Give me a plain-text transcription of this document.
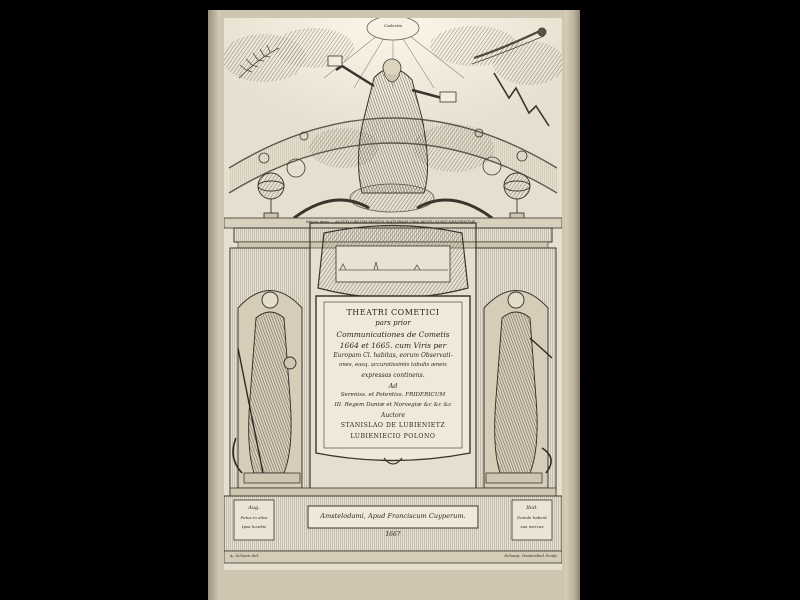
Cœlestia
Majus mira ... ALIUD CÆLUM MOTUS NATURAM UNA MOTU SUNT SENTENTIÆ ...
THEATRI COMETICI
pars prior
Communicationes de Cometis
1664 et 1665. cum Viris per
Europam Cl. habitas, eorum Observati-
ones, easq. accuratissimis tabulis æneis
expressas continens.
Ad
Sereniss. et Potentiss. FRIDERICUM
III. Regem Daniæ et Norvegiæ &c &c &c
Auctore
STANISLAO DE LUBIENIETZ
LUBIENIECIO POLONO
Aug.
Potus in alios
Ipsa lucebis
Ibid.
Deinde habent
sua mercas
Amstelodami, Apud Franciscum Cuyperum.
1667
A. Schoon del.	Schoep. Oosterdael Sculp.
